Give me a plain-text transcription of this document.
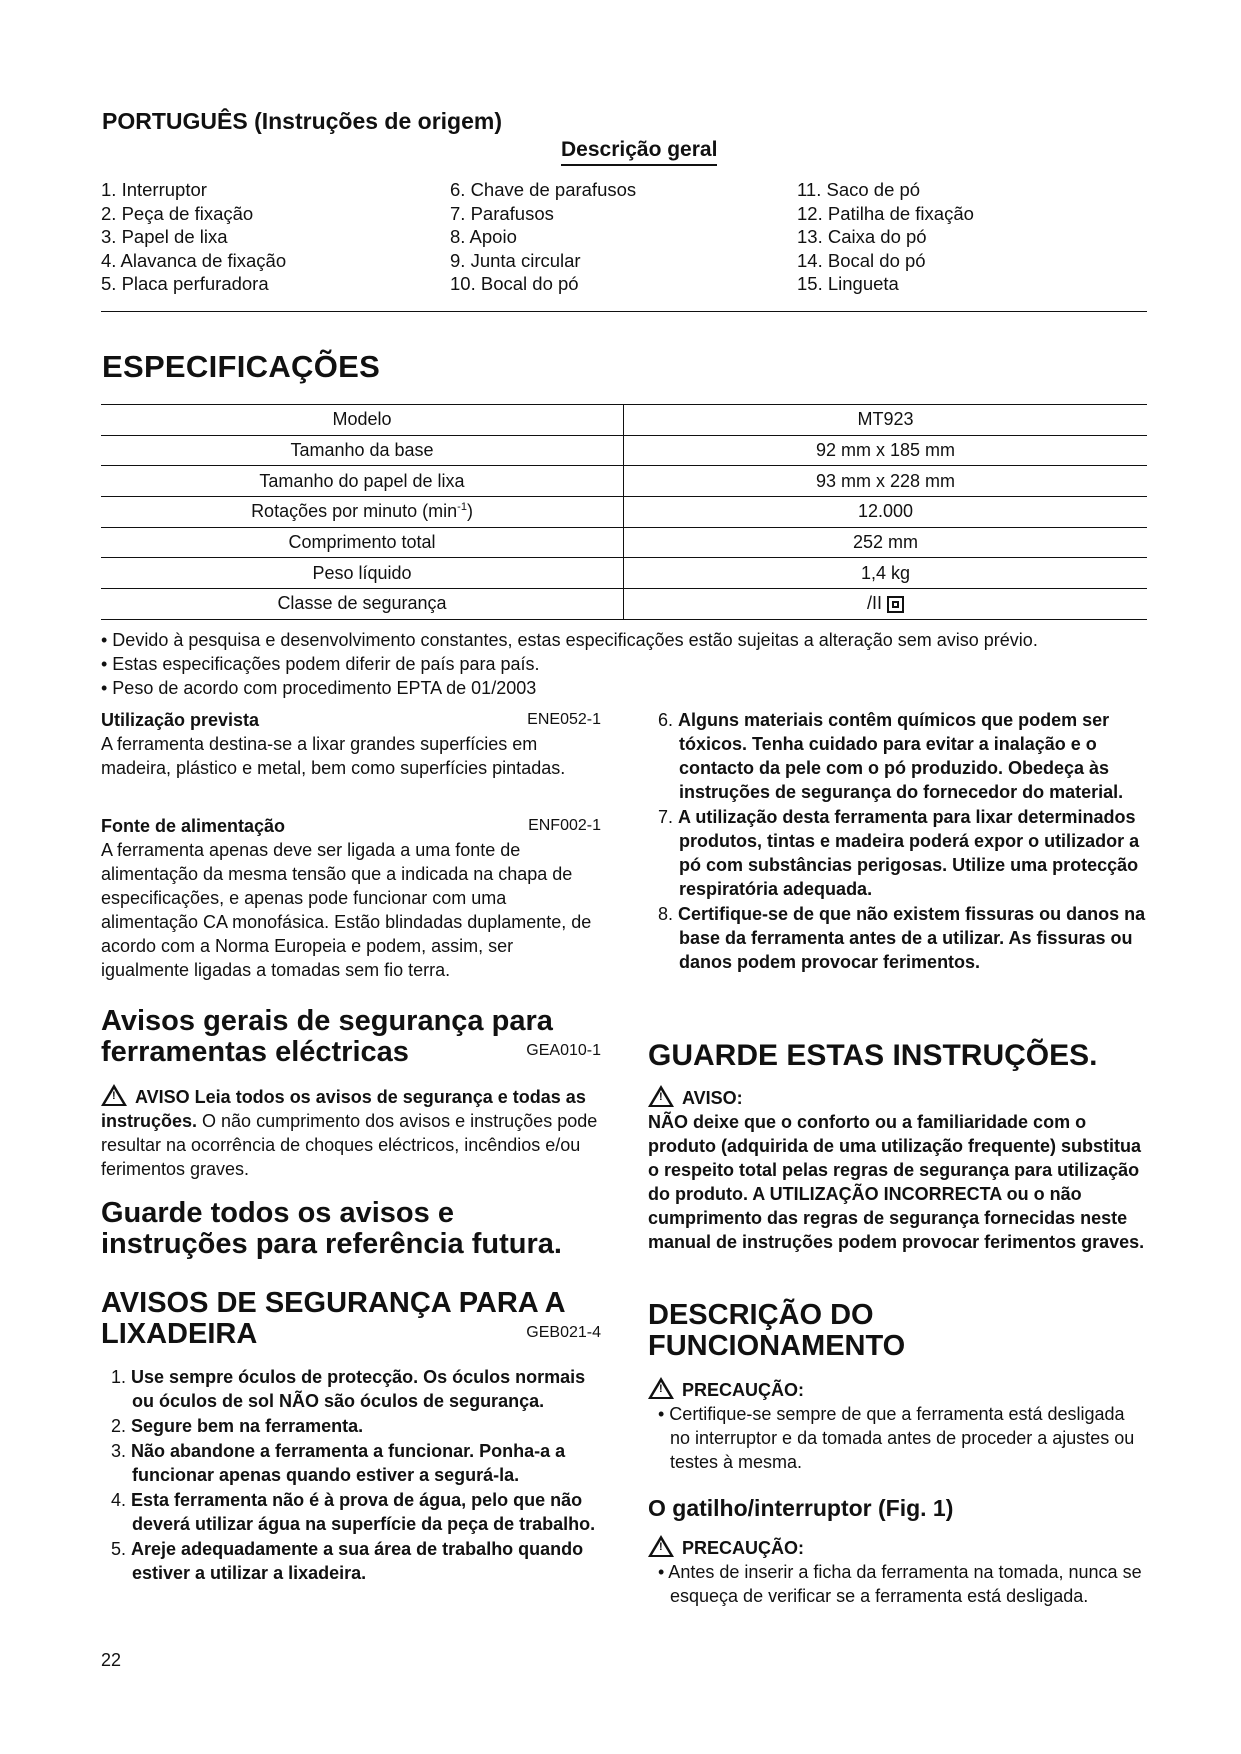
PORTUGUÊS (Instruções de origem)
Descrição geral
1. Interruptor
2. Peça de fixação
3. Papel de lixa
4. Alavanca de fixação
5. Placa perfuradora
6. Chave de parafusos
7. Parafusos
8. Apoio
9. Junta circular
10. Bocal do pó
11. Saco de pó
12. Patilha de fixação
13. Caixa do pó
14. Bocal do pó
15. Lingueta
ESPECIFICAÇÕES
Modelo	MT923
Tamanho da base	92 mm x 185 mm
Tamanho do papel de lixa	93 mm x 228 mm
Rotações por minuto $(\min^{-1})$	12.000
Comprimento total	252 mm
Peso líquido	1,4 kg
Classe de segurança	/II
• Devido à pesquisa e desenvolvimento constantes, estas especificações estão sujeitas a alteração sem aviso prévio.
• Estas especificações podem diferir de país para país.
• Peso de acordo com procedimento EPTA de 01/2003
Utilização prevista	ENE052-1
A ferramenta destina-se a lixar grandes superfícies em madeira, plástico e metal, bem como superfícies pintadas.
Fonte de alimentação	ENF002-1
A ferramenta apenas deve ser ligada a uma fonte de alimentação da mesma tensão que a indicada na chapa de especificações, e apenas pode funcionar com uma alimentação CA monofásica. Estão blindadas duplamente, de acordo com a Norma Europeia e podem, assim, ser igualmente ligadas a tomadas sem fio terra.
Avisos gerais de segurança para
ferramentas eléctricas	GEA010-1
!AVISO Leia todos os avisos de segurança e todas as instruções. O não cumprimento dos avisos e instruções pode resultar na ocorrência de choques eléctricos, incêndios e/ou ferimentos graves.
Guarde todos os avisos e
instruções para referência futura.
AVISOS DE SEGURANÇA PARA A
LIXADEIRA	GEB021-4
1. Use sempre óculos de protecção. Os óculos normais ou óculos de sol NÃO são óculos de segurança.
2. Segure bem na ferramenta.
3. Não abandone a ferramenta a funcionar. Ponha-a a funcionar apenas quando estiver a segurá-la.
4. Esta ferramenta não é à prova de água, pelo que não deverá utilizar água na superfície da peça de trabalho.
5. Areje adequadamente a sua área de trabalho quando estiver a utilizar a lixadeira.
6. Alguns materiais contêm químicos que podem ser tóxicos. Tenha cuidado para evitar a inalação e o contacto da pele com o pó produzido. Obedeça às instruções de segurança do fornecedor do material.
7. A utilização desta ferramenta para lixar determinados produtos, tintas e madeira poderá expor o utilizador a pó com substâncias perigosas. Utilize uma protecção respiratória adequada.
8. Certifique-se de que não existem fissuras ou danos na base da ferramenta antes de a utilizar. As fissuras ou danos podem provocar ferimentos.
GUARDE ESTAS INSTRUÇÕES.
!AVISO:
NÃO deixe que o conforto ou a familiaridade com o produto (adquirida de uma utilização frequente) substitua o respeito total pelas regras de segurança para utilização do produto. A UTILIZAÇÃO INCORRECTA ou o não cumprimento das regras de segurança fornecidas neste manual de instruções podem provocar ferimentos graves.
DESCRIÇÃO DO
FUNCIONAMENTO
!PRECAUÇÃO:
• Certifique-se sempre de que a ferramenta está desligada no interruptor e da tomada antes de proceder a ajustes ou testes à mesma.
O gatilho/interruptor (Fig. 1)
!PRECAUÇÃO:
• Antes de inserir a ficha da ferramenta na tomada, nunca se esqueça de verificar se a ferramenta está desligada.
22
